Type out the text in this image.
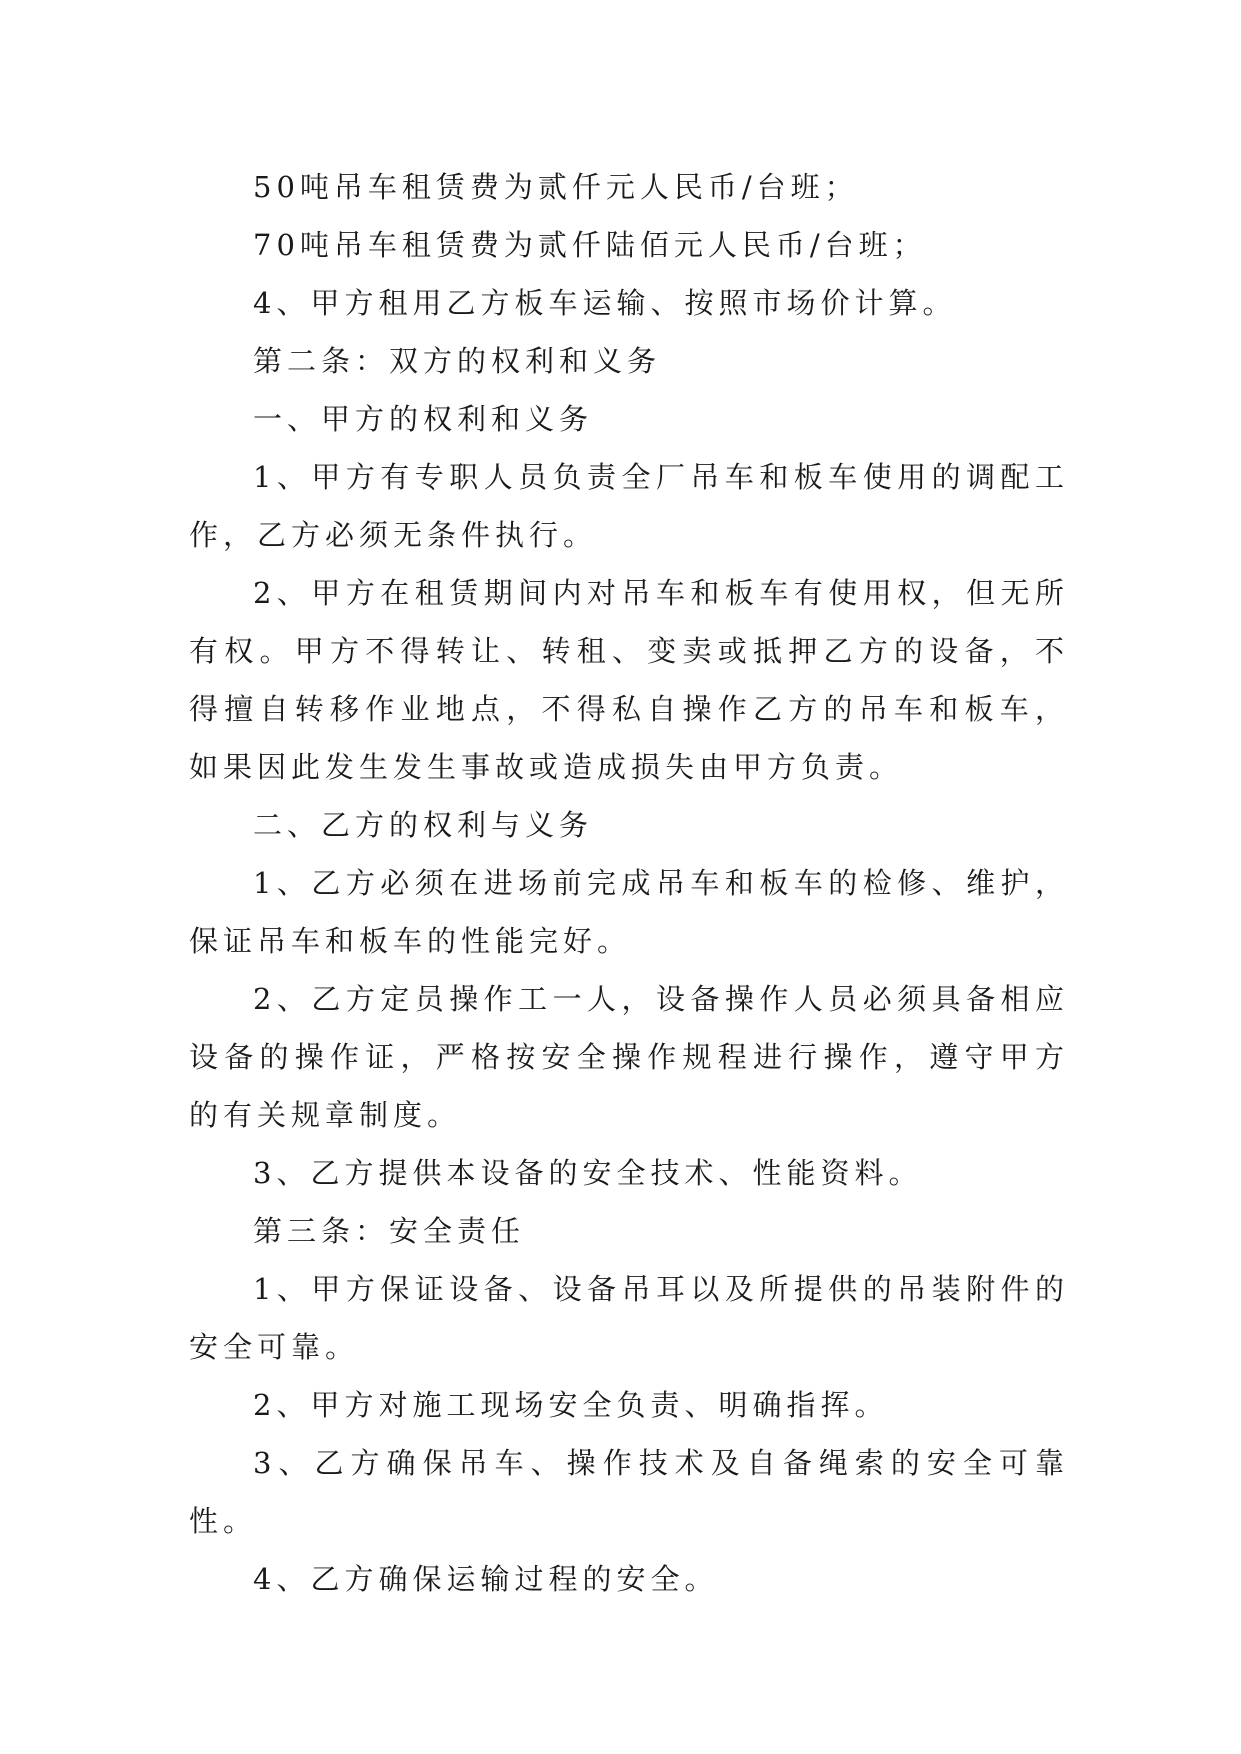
50吨吊车租赁费为贰仟元人民币/台班；

70吨吊车租赁费为贰仟陆佰元人民币/台班；

4、甲方租用乙方板车运输、按照市场价计算。

第二条：双方的权利和义务

一、甲方的权利和义务

1、甲方有专职人员负责全厂吊车和板车使用的调配工作，乙方必须无条件执行。

2、甲方在租赁期间内对吊车和板车有使用权，但无所有权。甲方不得转让、转租、变卖或抵押乙方的设备，不得擅自转移作业地点，不得私自操作乙方的吊车和板车，如果因此发生发生事故或造成损失由甲方负责。

二、乙方的权利与义务

1、乙方必须在进场前完成吊车和板车的检修、维护，保证吊车和板车的性能完好。

2、乙方定员操作工一人，设备操作人员必须具备相应设备的操作证，严格按安全操作规程进行操作，遵守甲方的有关规章制度。

3、乙方提供本设备的安全技术、性能资料。

第三条：安全责任

1、甲方保证设备、设备吊耳以及所提供的吊装附件的安全可靠。

2、甲方对施工现场安全负责、明确指挥。

3、乙方确保吊车、操作技术及自备绳索的安全可靠性。

4、乙方确保运输过程的安全。
